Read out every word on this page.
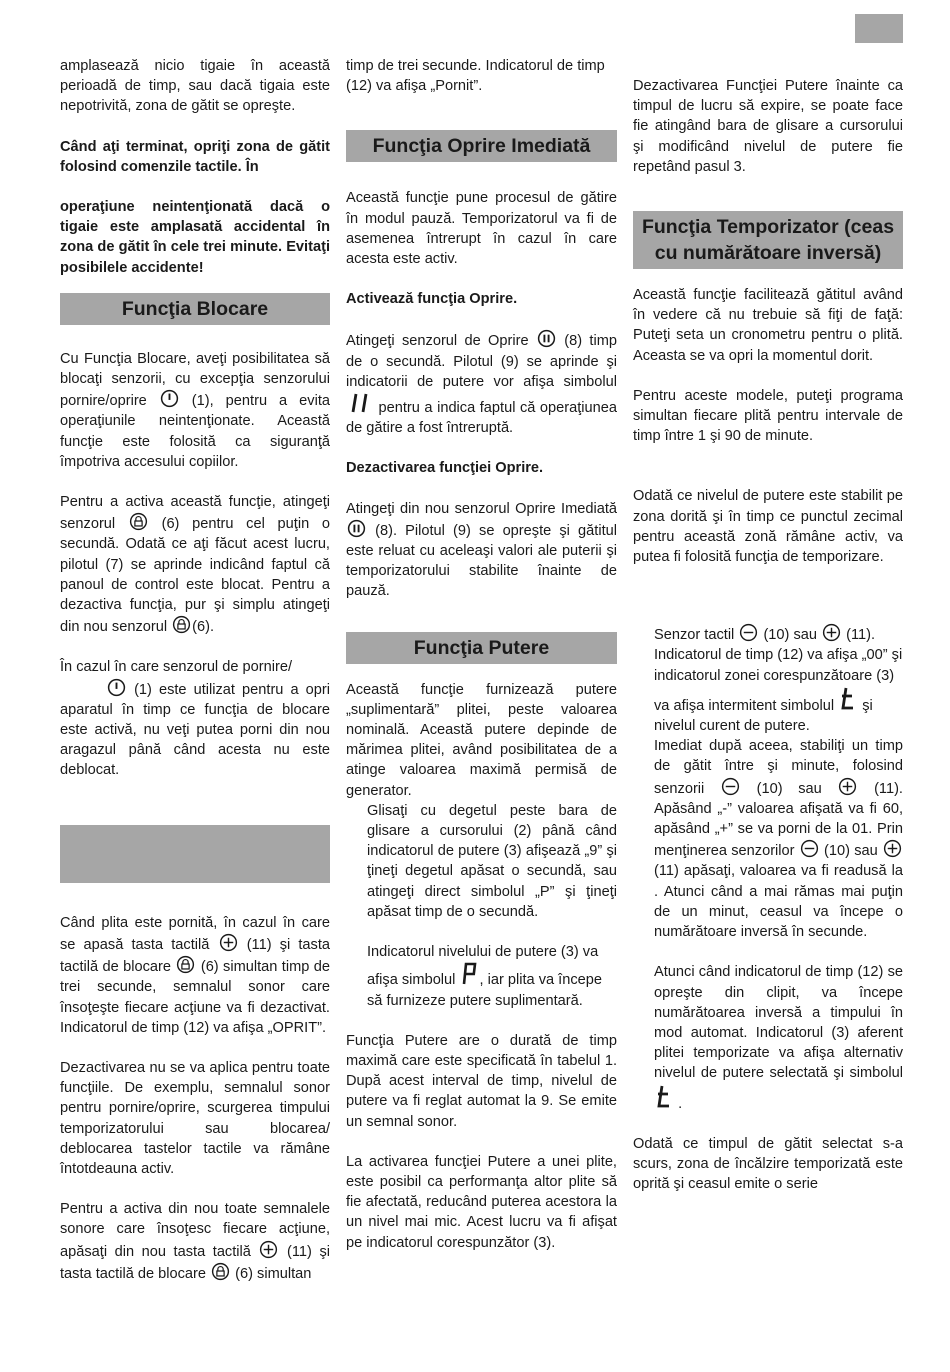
amplasează nicio tigaie în această perioadă de timp, sau dacă tigaia este nepotrivită, zona de gătit se opreşte.

Când aţi terminat, opriţi zona de gătit folosind comenzile tactile. În

operaţiune neintenţionată dacă o tigaie este amplasată accidental în zona de gătit în cele trei minute. Evitaţi posibilele accidente!

Funcţia Blocare

Cu Funcţia Blocare, aveţi posibilitatea să blocaţi senzorii, cu excepţia senzorului pornire/oprire	(1), pentru a evita operaţiunile neintenţionate. Această funcţie este folosită ca siguranţă împotriva accesului copiilor.

Pentru a activa această funcţie, atingeţi senzorul	(6) pentru cel puţin o secundă. Odată ce aţi făcut acest lucru, pilotul (7) se aprinde indicând faptul că panoul de control este blocat. Pentru a dezactiva funcţia, pur şi simplu atingeţi din nou senzorul (6).

În cazul în care senzorul de pornire/

(1) este utilizat pentru a opri aparatul în timp ce funcţia de blocare este activă, nu veţi putea porni din nou aragazul până când acesta nu este deblocat.

Când plita este pornită, în cazul în care se apasă tasta tactilă	(11) şi tasta tactilă de blocare (6) simultan timp de trei secunde, semnalul sonor care însoţeşte fiecare acţiune va fi dezactivat. Indicatorul de timp (12) va afişa „OPRIT”.

Dezactivarea nu se va aplica pentru toate funcţiile. De exemplu, semnalul sonor pentru pornire/oprire, scurgerea timpului temporizatorului sau blocarea/ deblocarea tastelor tactile va rămâne întotdeauna activ.

Pentru a activa din nou toate semnalele sonore care însoţesc fiecare acţiune, apăsaţi din nou tasta tactilă (11) şi tasta tactilă de blocare (6) simultan

timp de trei secunde. Indicatorul de timp (12) va afişa „Pornit”.

Funcţia Oprire Imediată

Această funcţie pune procesul de gătire în modul pauză. Temporizatorul va fi de asemenea întrerupt în cazul în care acesta este activ.

Activează funcţia Oprire.

Atingeţi senzorul de Oprire (8) timp de o secundă. Pilotul (9) se aprinde şi indicatorii de putere vor afişa simbolul
pentru a indica faptul că operaţiunea de gătire a fost întreruptă.

Dezactivarea funcţiei Oprire.

Atingeţi din nou senzorul Oprire Imediată
(8). Pilotul (9) se opreşte şi gătitul este reluat cu aceleaşi valori ale puterii şi temporizatorului stabilite înainte de pauză.

Funcţia Putere

Această funcţie furnizează putere „suplimentară” plitei, peste valoarea nominală. Această putere depinde de mărimea plitei, având posibilitatea de a atinge valoarea maximă permisă de generator.

Glisaţi cu degetul peste bara de glisare a cursorului (2) până când indicatorul de putere (3) afişează „9” şi ţineţi degetul apăsat o secundă, sau atingeţi direct simbolul „P” şi ţineţi apăsat timp de o secundă.

Indicatorul nivelului de putere (3) va afişa simbolul , iar plita va începe să furnizeze putere suplimentară.

Funcţia Putere are o durată de timp maximă care este specificată în tabelul 1. După acest interval de timp, nivelul de putere va fi reglat automat la 9. Se emite un semnal sonor.

La activarea funcţiei Putere a unei plite, este posibil ca performanţa altor plite să fie afectată, reducând puterea acestora la un nivel mai mic. Acest lucru va fi afişat pe indicatorul corespunzător (3).

Dezactivarea Funcţiei Putere înainte ca timpul de lucru să expire, se poate face fie atingând bara de glisare a cursorului şi modificând nivelul de putere fie repetând pasul 3.

Funcţia Temporizator (ceas cu numărătoare inversă)

Această funcţie facilitează gătitul având în vedere că nu trebuie să fiţi de faţă: Puteţi seta un cronometru pentru o plită. Aceasta se va opri la momentul dorit.

Pentru aceste modele, puteţi programa simultan fiecare plită pentru intervale de timp între 1 şi 90 de minute.

Odată ce nivelul de putere este stabilit pe zona dorită şi în timp ce punctul zecimal pentru această zonă rămâne activ, va putea fi folosită funcţia de temporizare.

Senzor tactil (10) sau (11). Indicatorul de timp (12) va afişa „00” şi indicatorul zonei corespunzătoare (3) va afişa intermitent simbolul şi nivelul curent de putere.

Imediat după aceea, stabiliţi un timp de gătit între şi minute, folosind senzorii	(10) sau	(11). Apăsând „-” valoarea afişată va fi 60, apăsând „+” se va porni de la 01. Prin menţinerea senzorilor (10) sau
(11) apăsaţi, valoarea va fi readusă la . Atunci când a mai rămas mai puţin de un minut, ceasul va începe o numărătoare inversă în secunde.

Atunci când indicatorul de timp (12) se opreşte din clipit, va începe numărătoarea inversă a timpului în mod automat. Indicatorul (3) aferent plitei temporizate va afişa alternativ nivelul de putere selectată şi simbolul
.

Odată ce timpul de gătit selectat s-a scurs, zona de încălzire temporizată este oprită şi ceasul emite o serie
